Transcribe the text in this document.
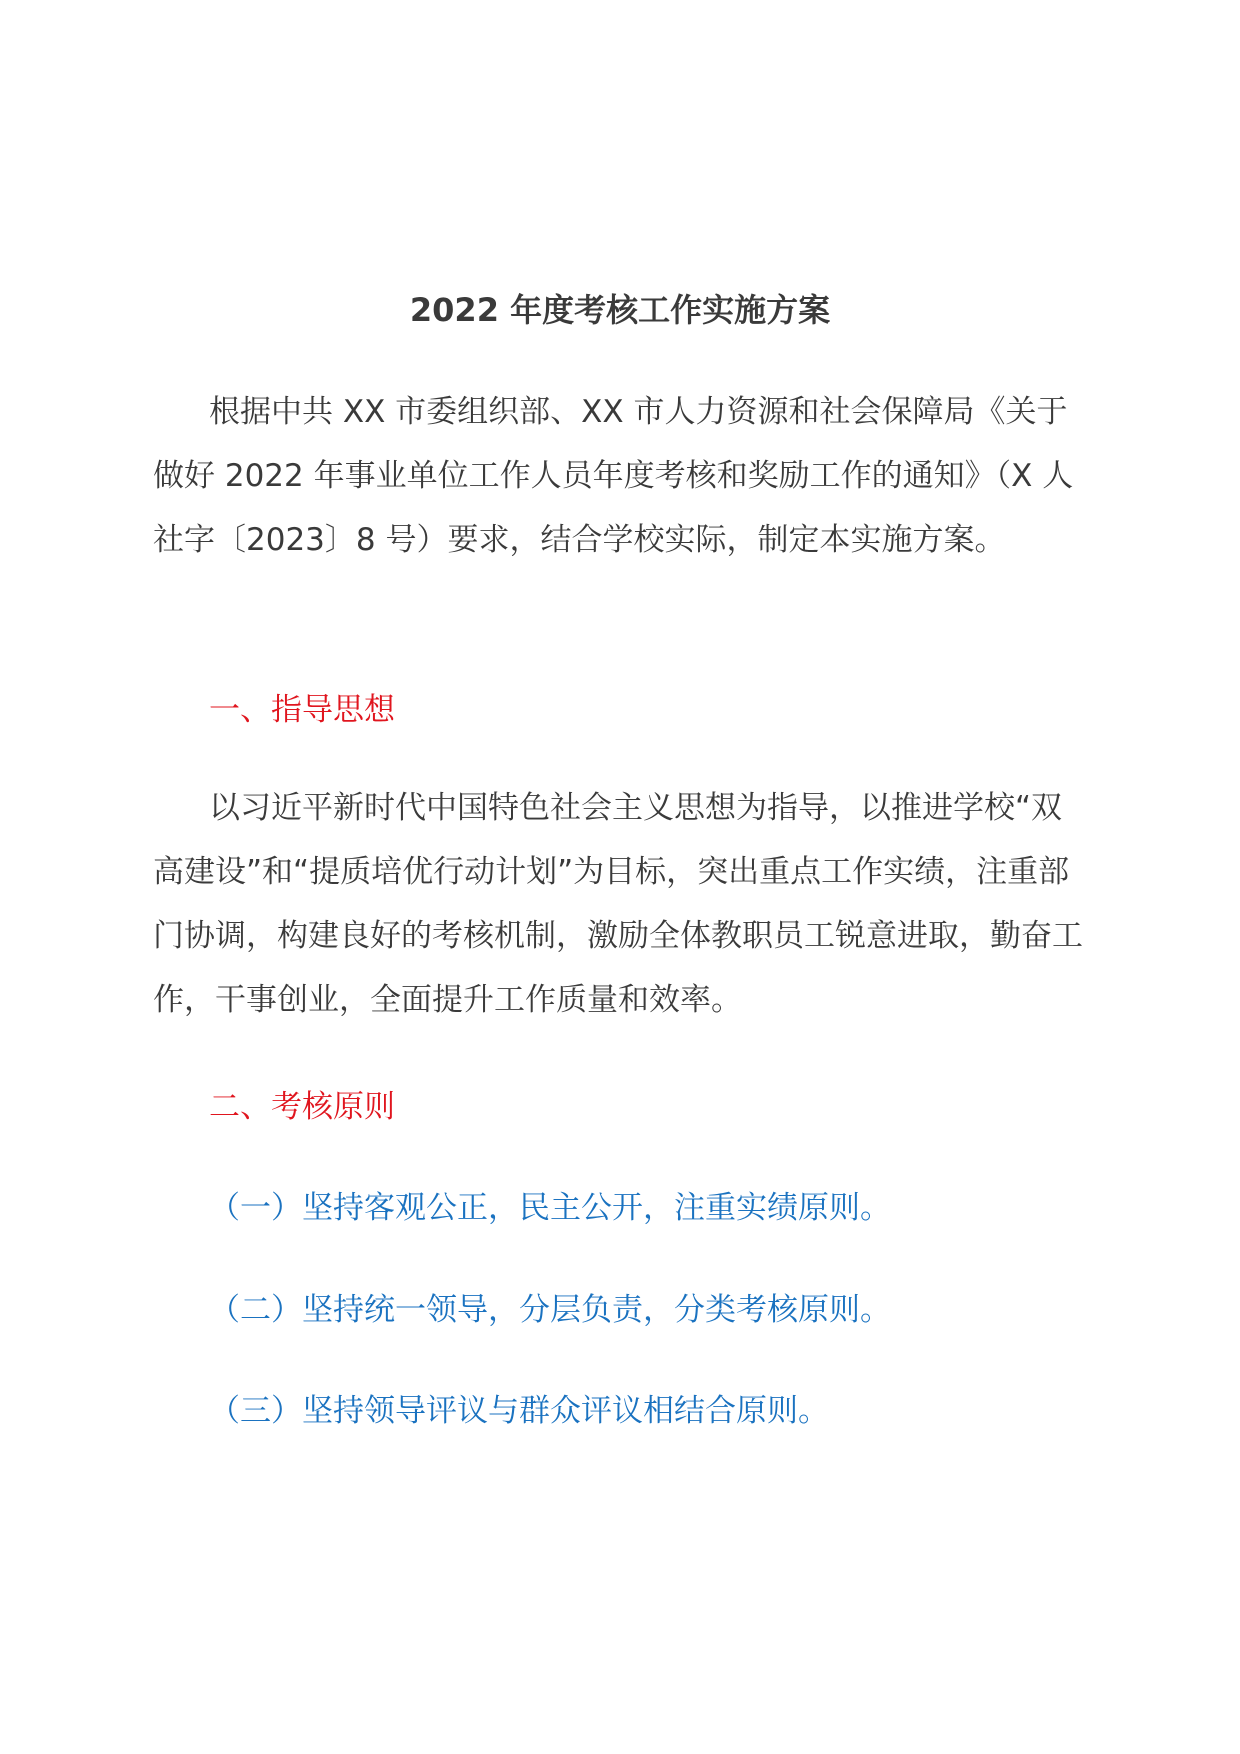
2022 年度考核工作实施方案
根据中共 XX 市委组织部、XX 市人力资源和社会保障局《关于做好 2022 年事业单位工作人员年度考核和奖励工作的通知》（X 人社字〔2023〕8 号）要求，结合学校实际，制定本实施方案。
一、指导思想
以习近平新时代中国特色社会主义思想为指导，以推进学校“双高建设”和“提质培优行动计划”为目标，突出重点工作实绩，注重部门协调，构建良好的考核机制，激励全体教职员工锐意进取，勤奋工作，干事创业，全面提升工作质量和效率。
二、考核原则
（一）坚持客观公正，民主公开，注重实绩原则。
（二）坚持统一领导，分层负责，分类考核原则。
（三）坚持领导评议与群众评议相结合原则。
